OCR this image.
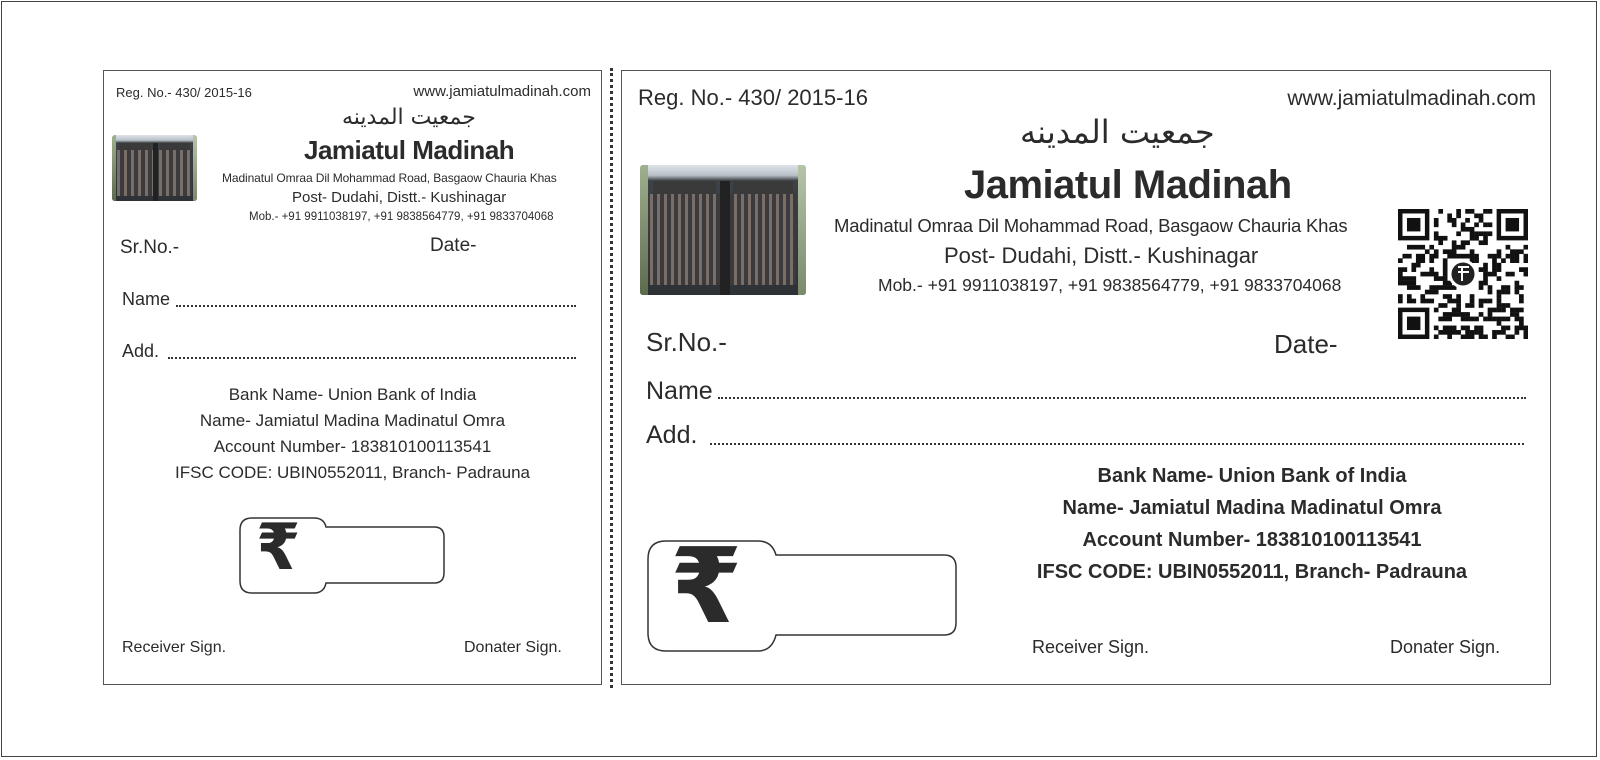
Reg. No.- 430/ 2015-16	www.jamiatulmadinah.com
جمعيت المدينه
Jamiatul Madinah
Madinatul Omraa Dil Mohammad Road, Basgaow Chauria Khas
Post- Dudahi, Distt.- Kushinagar
Mob.- +91 9911038197, +91 9838564779, +91 9833704068
Sr.No.-	Date-
Name
Add.
Bank Name- Union Bank of India
Name- Jamiatul Madina Madinatul Omra
Account Number- 183810100113541
IFSC CODE: UBIN0552011, Branch- Padrauna
₹
Receiver Sign.	Donater Sign.
Reg. No.- 430/ 2015-16	www.jamiatulmadinah.com
جمعيت المدينه
Jamiatul Madinah
Madinatul Omraa Dil Mohammad Road, Basgaow Chauria Khas
Post- Dudahi, Distt.- Kushinagar
Mob.- +91 9911038197, +91 9838564779, +91 9833704068
Sr.No.-	Date-
Name
Add.
Bank Name- Union Bank of India
Name- Jamiatul Madina Madinatul Omra
Account Number- 183810100113541
IFSC CODE: UBIN0552011, Branch- Padrauna
₹	Receiver Sign.	Donater Sign.
